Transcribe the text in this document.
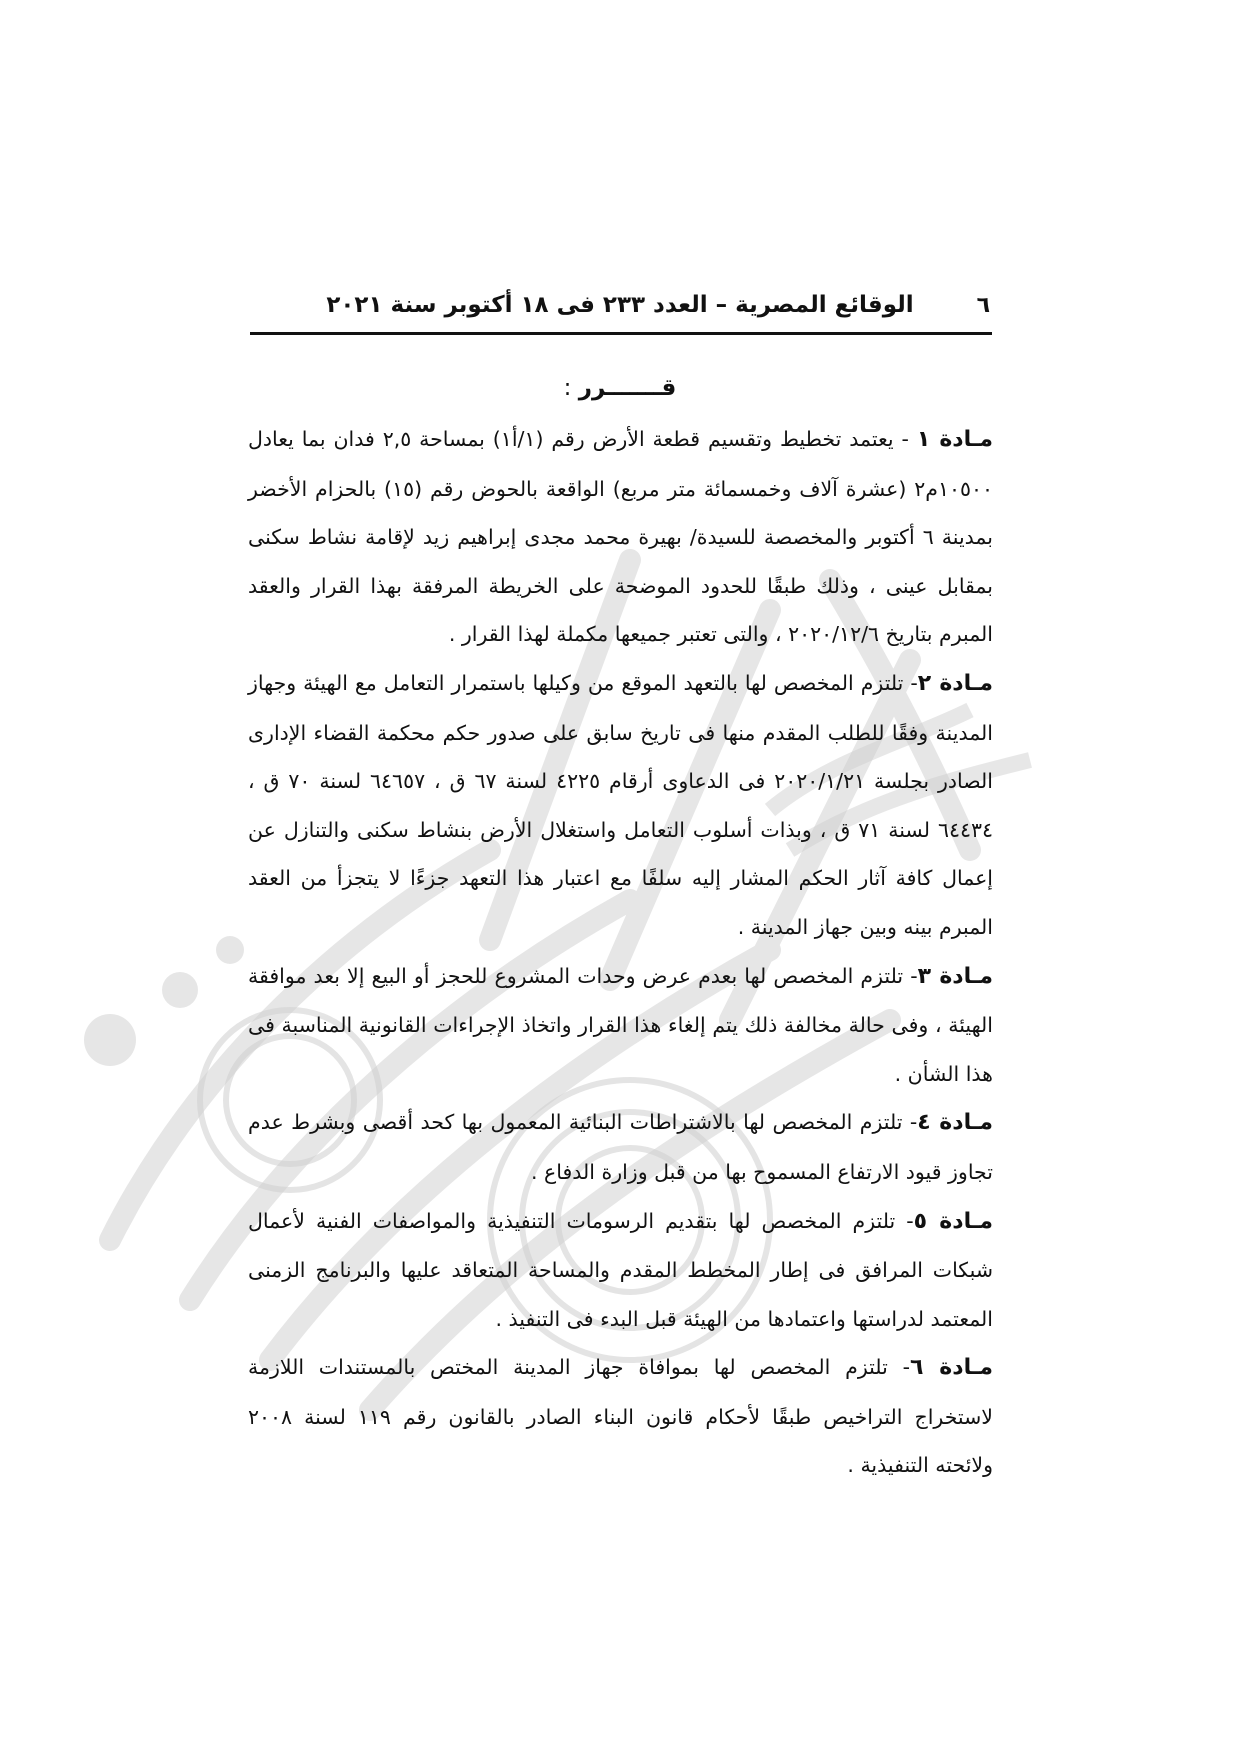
٦
الوقائع المصرية – العدد ٢٣٣ فى ١٨ أكتوبر سنة ٢٠٢١
قـــــــرر :

مـادة ١ - يعتمد تخطيط وتقسيم قطعة الأرض رقم (١/أ١) بمساحة ٢,٥ فدان بما يعادل ١٠٥٠٠م٢ (عشرة آلاف وخمسمائة متر مربع) الواقعة بالحوض رقم (١٥) بالحزام الأخضر بمدينة ٦ أكتوبر والمخصصة للسيدة/ بهيرة محمد مجدى إبراهيم زيد لإقامة نشاط سكنى بمقابل عينى ، وذلك طبقًا للحدود الموضحة على الخريطة المرفقة بهذا القرار والعقد المبرم بتاريخ ٢٠٢٠/١٢/٦ ، والتى تعتبر جميعها مكملة لهذا القرار .

مـادة ٢- تلتزم المخصص لها بالتعهد الموقع من وكيلها باستمرار التعامل مع الهيئة وجهاز المدينة وفقًا للطلب المقدم منها فى تاريخ سابق على صدور حكم محكمة القضاء الإدارى الصادر بجلسة ٢٠٢٠/١/٢١ فى الدعاوى أرقام ٤٢٢٥ لسنة ٦٧ ق ، ٦٤٦٥٧ لسنة ٧٠ ق ، ٦٤٤٣٤ لسنة ٧١ ق ، وبذات أسلوب التعامل واستغلال الأرض بنشاط سكنى والتنازل عن إعمال كافة آثار الحكم المشار إليه سلفًا مع اعتبار هذا التعهد جزءًا لا يتجزأ من العقد المبرم بينه وبين جهاز المدينة .

مـادة ٣- تلتزم المخصص لها بعدم عرض وحدات المشروع للحجز أو البيع إلا بعد موافقة الهيئة ، وفى حالة مخالفة ذلك يتم إلغاء هذا القرار واتخاذ الإجراءات القانونية المناسبة فى هذا الشأن .

مـادة ٤- تلتزم المخصص لها بالاشتراطات البنائية المعمول بها كحد أقصى وبشرط عدم تجاوز قيود الارتفاع المسموح بها من قبل وزارة الدفاع .

مـادة ٥- تلتزم المخصص لها بتقديم الرسومات التنفيذية والمواصفات الفنية لأعمال شبكات المرافق فى إطار المخطط المقدم والمساحة المتعاقد عليها والبرنامج الزمنى المعتمد لدراستها واعتمادها من الهيئة قبل البدء فى التنفيذ .

مـادة ٦- تلتزم المخصص لها بموافاة جهاز المدينة المختص بالمستندات اللازمة لاستخراج التراخيص طبقًا لأحكام قانون البناء الصادر بالقانون رقم ١١٩ لسنة ٢٠٠٨ ولائحته التنفيذية .
